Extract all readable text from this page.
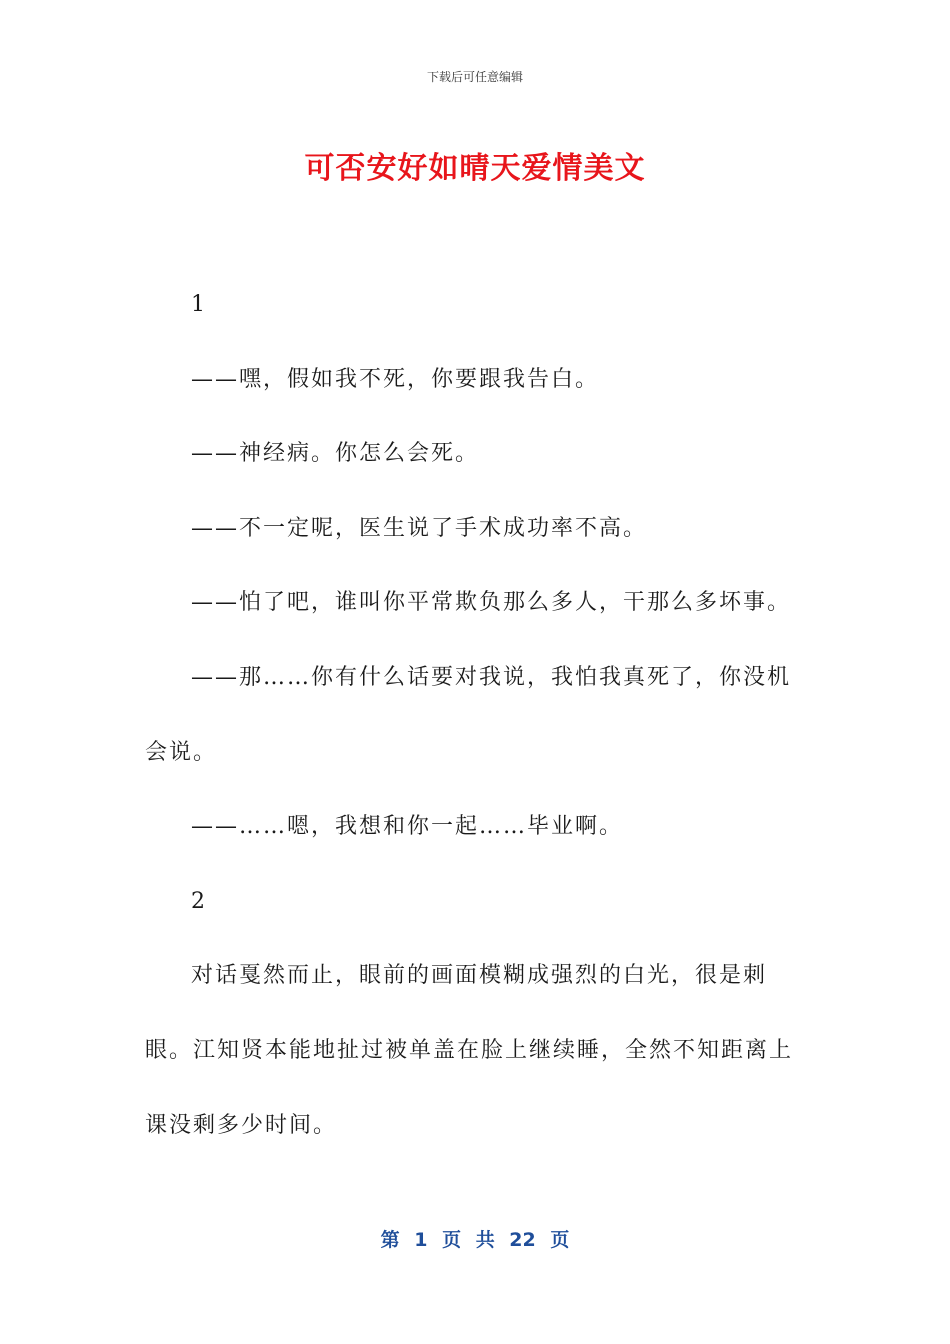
下载后可任意编辑
可否安好如晴天爱情美文

1

——嘿，假如我不死，你要跟我告白。

——神经病。你怎么会死。

——不一定呢，医生说了手术成功率不高。

——怕了吧，谁叫你平常欺负那么多人，干那么多坏事。

——那……你有什么话要对我说，我怕我真死了，你没机会说。

——……嗯，我想和你一起……毕业啊。

2

对话戛然而止，眼前的画面模糊成强烈的白光，很是刺眼。江知贤本能地扯过被单盖在脸上继续睡，全然不知距离上课没剩多少时间。

第 1 页 共 22 页
